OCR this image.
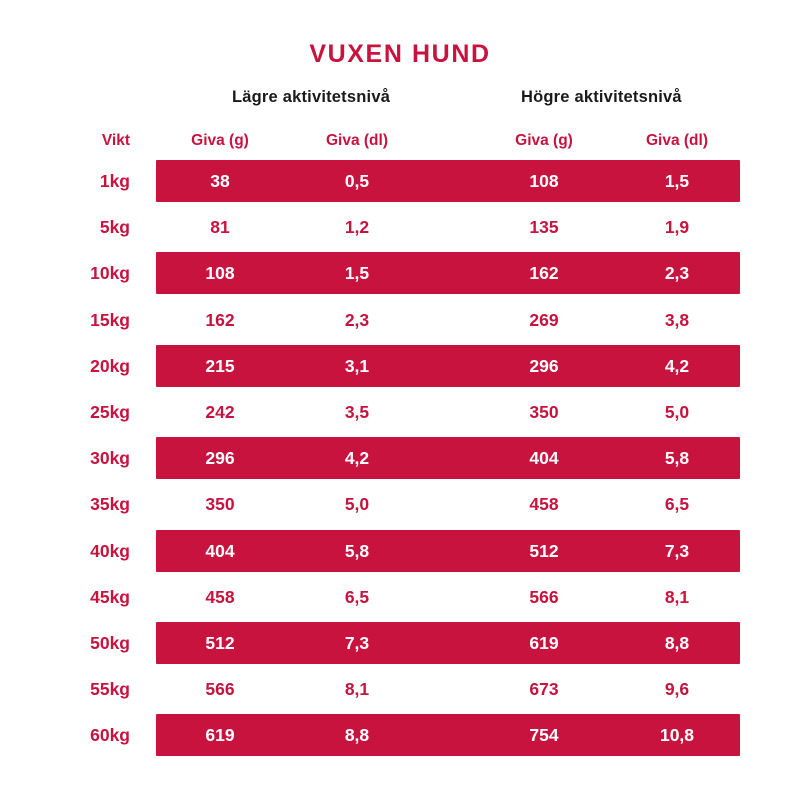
VUXEN HUND
Lägre aktivitetsnivå	Högre aktivitetsnivå
Vikt	Giva (g)	Giva (dl)	Giva (g)	Giva (dl)
1kg	38	0,5	108	1,5
5kg	81	1,2	135	1,9
10kg	108	1,5	162	2,3
15kg	162	2,3	269	3,8
20kg	215	3,1	296	4,2
25kg	242	3,5	350	5,0
30kg	296	4,2	404	5,8
35kg	350	5,0	458	6,5
40kg	404	5,8	512	7,3
45kg	458	6,5	566	8,1
50kg	512	7,3	619	8,8
55kg	566	8,1	673	9,6
60kg	619	8,8	754	10,8
